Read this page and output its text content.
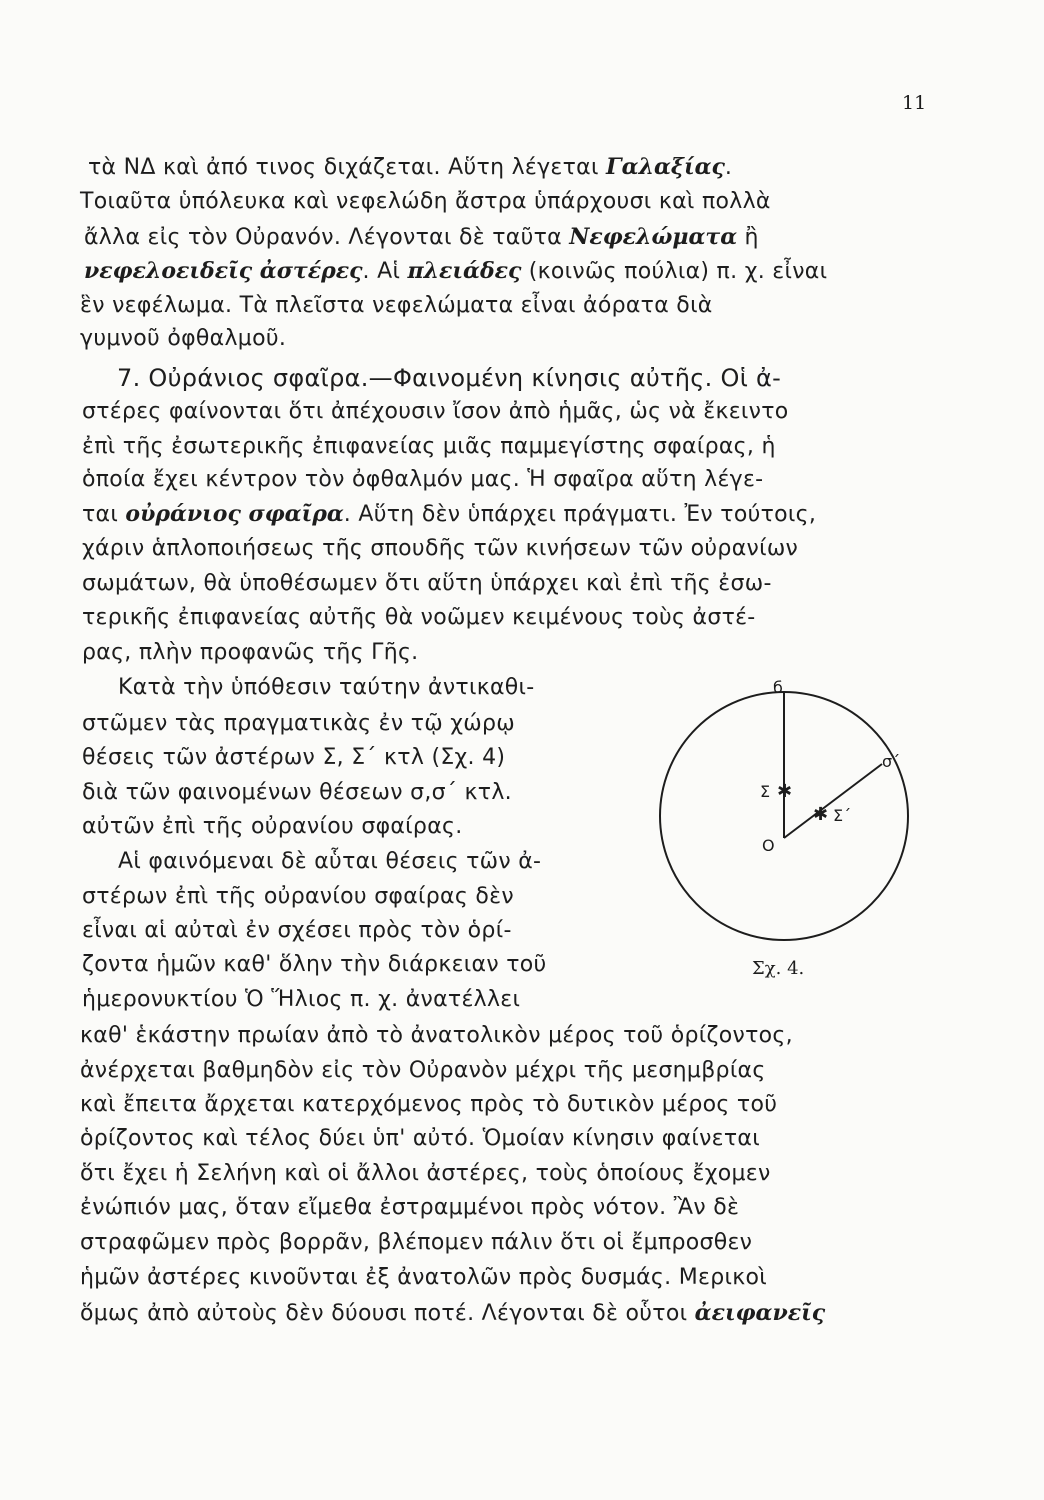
11
τὰ ΝΔ καὶ ἀπό τινος διχάζεται. Αὕτη λέγεται Γαλαξίας.
Τοιαῦτα ὑπόλευκα καὶ νεφελώδη ἄστρα ὑπάρχουσι καὶ πολλὰ
ἄλλα εἰς τὸν Οὐρανόν. Λέγονται δὲ ταῦτα Νεφελώματα ἢ
νεφελοειδεῖς ἀστέρες. Αἱ πλειάδες (κοινῶς πούλια) π. χ. εἶναι
ἓν νεφέλωμα. Τὰ πλεῖστα νεφελώματα εἶναι ἀόρατα διὰ
γυμνοῦ ὀφθαλμοῦ.
7. Οὐράνιος σφαῖρα.—Φαινομένη κίνησις αὐτῆς. Οἱ ἀ-
στέρες φαίνονται ὅτι ἀπέχουσιν ἴσον ἀπὸ ἡμᾶς, ὡς νὰ ἔκειντο
ἐπὶ τῆς ἐσωτερικῆς ἐπιφανείας μιᾶς παμμεγίστης σφαίρας, ἡ
ὁποία ἔχει κέντρον τὸν ὀφθαλμόν μας. Ἡ σφαῖρα αὕτη λέγε-
ται οὐράνιος σφαῖρα. Αὕτη δὲν ὑπάρχει πράγματι. Ἐν τούτοις,
χάριν ἁπλοποιήσεως τῆς σπουδῆς τῶν κινήσεων τῶν οὐρανίων
σωμάτων, θὰ ὑποθέσωμεν ὅτι αὕτη ὑπάρχει καὶ ἐπὶ τῆς ἐσω-
τερικῆς ἐπιφανείας αὐτῆς θὰ νοῶμεν κειμένους τοὺς ἀστέ-
ρας, πλὴν προφανῶς τῆς Γῆς.
Κατὰ τὴν ὑπόθεσιν ταύτην ἀντικαθι-
στῶμεν τὰς πραγματικὰς ἐν τῷ χώρῳ
θέσεις τῶν ἀστέρων Σ, Σ΄ κτλ (Σχ. 4)
διὰ τῶν φαινομένων θέσεων σ,σ΄ κτλ.
αὐτῶν ἐπὶ τῆς οὐρανίου σφαίρας.
Αἱ φαινόμεναι δὲ αὗται θέσεις τῶν ἀ-
στέρων ἐπὶ τῆς οὐρανίου σφαίρας δὲν
εἶναι αἱ αὐταὶ ἐν σχέσει πρὸς τὸν ὁρί-
ζοντα ἡμῶν καθ' ὅλην τὴν διάρκειαν τοῦ
ἡμερονυκτίου Ὁ Ἥλιος π. χ. ἀνατέλλει
καθ' ἑκάστην πρωίαν ἀπὸ τὸ ἀνατολικὸν μέρος τοῦ ὁρίζοντος,
ἀνέρχεται βαθμηδὸν εἰς τὸν Οὐρανὸν μέχρι τῆς μεσημβρίας
καὶ ἔπειτα ἄρχεται κατερχόμενος πρὸς τὸ δυτικὸν μέρος τοῦ
ὁρίζοντος καὶ τέλος δύει ὑπ' αὐτό. Ὁμοίαν κίνησιν φαίνεται
ὅτι ἔχει ἡ Σελήνη καὶ οἱ ἄλλοι ἀστέρες, τοὺς ὁποίους ἔχομεν
ἐνώπιόν μας, ὅταν εἴμεθα ἐστραμμένοι πρὸς νότον. Ἂν δὲ
στραφῶμεν πρὸς βορρᾶν, βλέπομεν πάλιν ὅτι οἱ ἔμπροσθεν
ἡμῶν ἀστέρες κινοῦνται ἐξ ἀνατολῶν πρὸς δυσμάς. Μερικοὶ
ὅμως ἀπὸ αὐτοὺς δὲν δύουσι ποτέ. Λέγονται δὲ οὗτοι ἀειφανεῖς
✱
✱
б
Σ
Σ΄
σ΄
O
Σχ. 4.
